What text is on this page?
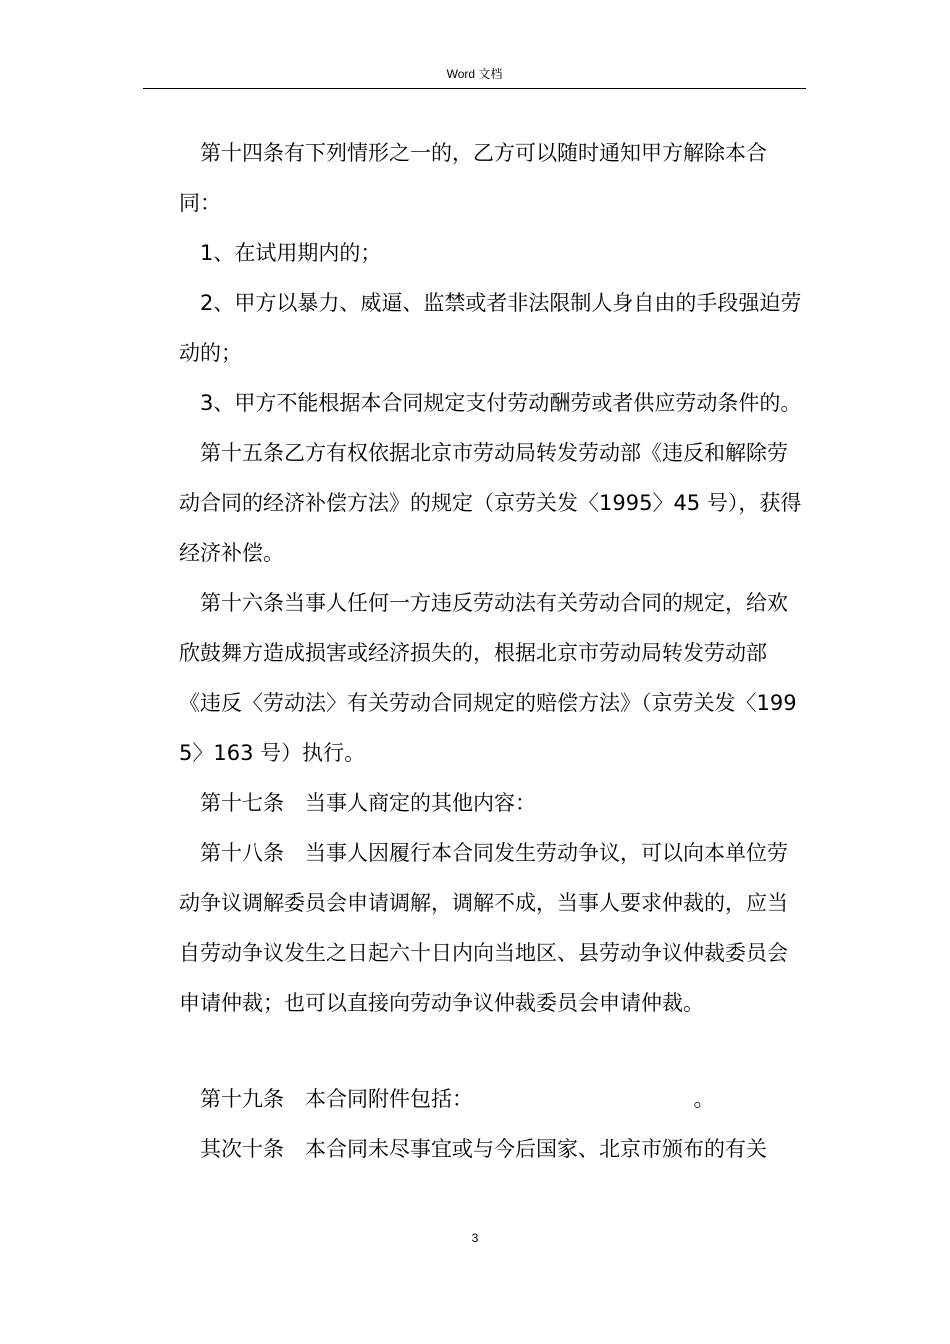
Word 文档

第十四条有下列情形之一的，乙方可以随时通知甲方解除本合同：

1、在试用期内的；

2、甲方以暴力、威逼、监禁或者非法限制人身自由的手段强迫劳动的；

3、甲方不能根据本合同规定支付劳动酬劳或者供应劳动条件的。

第十五条乙方有权依据北京市劳动局转发劳动部《违反和解除劳动合同的经济补偿方法》的规定（京劳关发〈1995〉45 号），获得经济补偿。

第十六条当事人任何一方违反劳动法有关劳动合同的规定，给欢欣鼓舞方造成损害或经济损失的，根据北京市劳动局转发劳动部《违反〈劳动法〉有关劳动合同规定的赔偿方法》（京劳关发〈1995〉163 号）执行。

第十七条　当事人商定的其他内容：

第十八条　当事人因履行本合同发生劳动争议，可以向本单位劳动争议调解委员会申请调解，调解不成，当事人要求仲裁的，应当自劳动争议发生之日起六十日内向当地区、县劳动争议仲裁委员会申请仲裁；也可以直接向劳动争议仲裁委员会申请仲裁。

第十九条　本合同附件包括：　　　　　　　　　　　。

其次十条　本合同未尽事宜或与今后国家、北京市颁布的有关

3
